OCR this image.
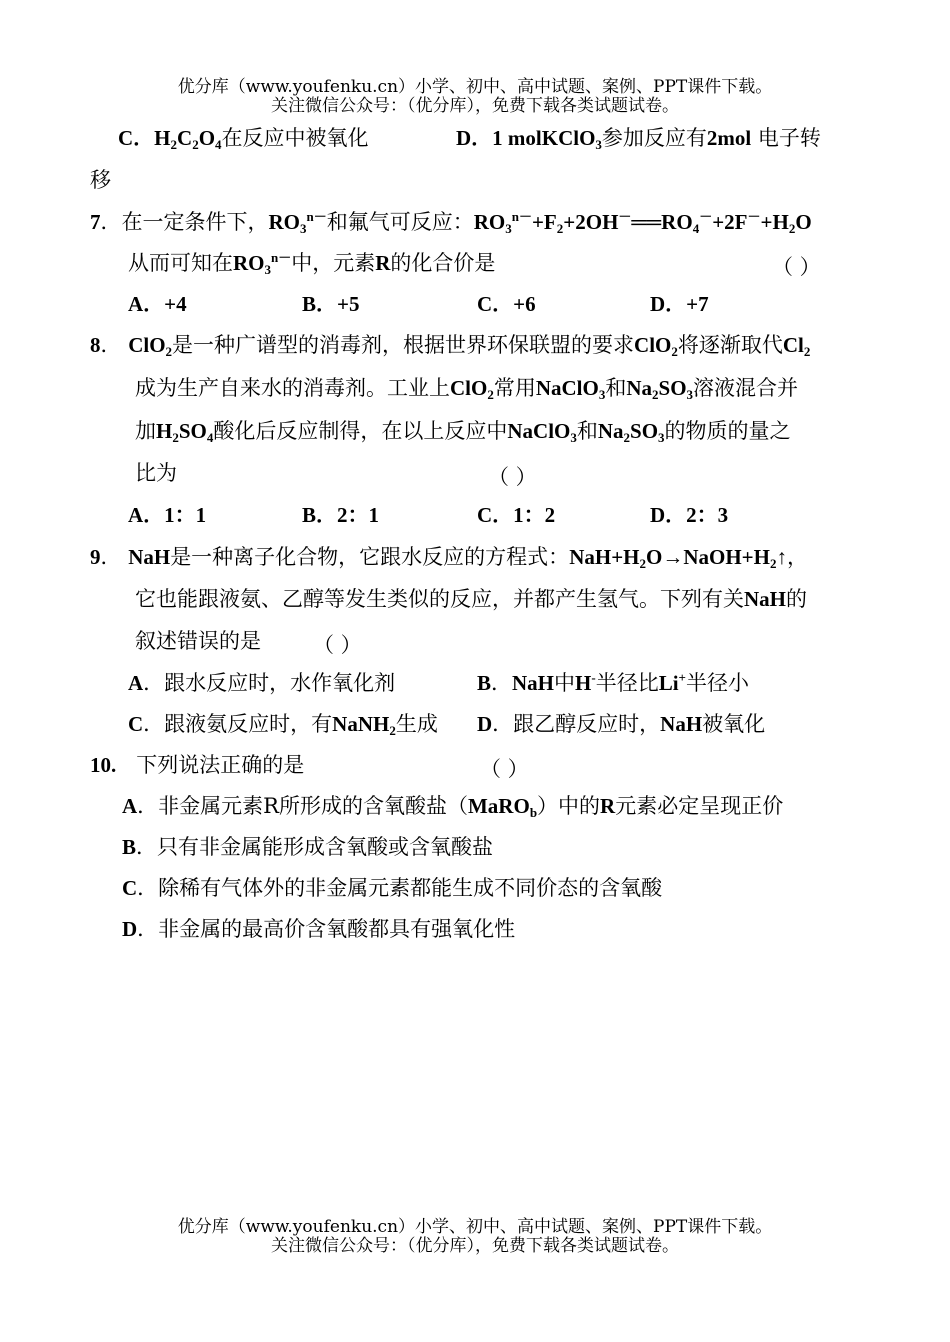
优分库（www.youfenku.cn）小学、初中、高中试题、案例、PPT课件下载。
关注微信公众号：（优分库），免费下载各类试题试卷。
C．$H_2C_2O_4$在反应中被氧化	D．1 molKClO$_3$参加反应有2mol 电子转
移
7．在一定条件下，$RO_3^{n-}$和氟气可反应：$RO_3^{n-}+F_2+2OH^-══RO_4^-+2F^-+H_2O$
从而可知在$RO_3^{n-}$中，元素R的化合价是	（ ）
A．+4	B．+5	C．+6	D．+7
8． ClO$_2$是一种广谱型的消毒剂，根据世界环保联盟的要求ClO$_2$将逐渐取代$Cl_2$
成为生产自来水的消毒剂。工业上ClO$_2$常用NaClO$_3$和$Na_2SO_3$溶液混合并
加$H_2SO_4$酸化后反应制得，在以上反应中NaClO$_3$和$Na_2SO_3$的物质的量之
比为	（ ）
A．1：1	B．2：1	C．1：2	D．2：3
9． NaH是一种离子化合物，它跟水反应的方程式：$NaH+H_2O\to NaOH+H_2↑$，
它也能跟液氨、乙醇等发生类似的反应，并都产生氢气。下列有关NaH的
叙述错误的是 （ ）
A．跟水反应时，水作氧化剂	B．NaH中H-半径比Li+半径小
C．跟液氨反应时，有NaNH$_2$生成 D．跟乙醇反应时，NaH被氧化
10. 下列说法正确的是	（ ）
A．非金属元素R所形成的含氧酸盐（MaRO$_b$）中的R元素必定呈现正价
B．只有非金属能形成含氧酸或含氧酸盐
C．除稀有气体外的非金属元素都能生成不同价态的含氧酸
D．非金属的最高价含氧酸都具有强氧化性
优分库（www.youfenku.cn）小学、初中、高中试题、案例、PPT课件下载。
关注微信公众号：（优分库），免费下载各类试题试卷。
